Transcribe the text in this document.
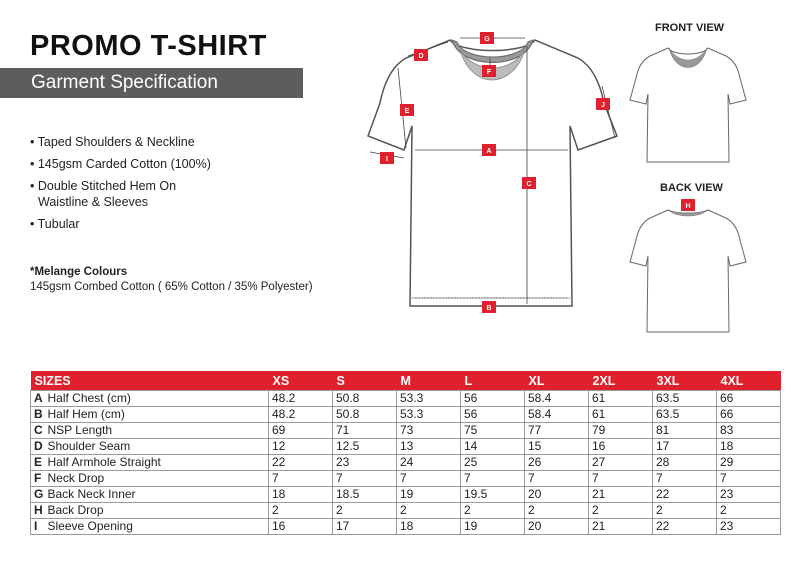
PROMO T-SHIRT
Garment Specification
• Taped Shoulders & Neckline
• 145gsm Carded Cotton (100%)
• Double Stitched Hem On Waistline & Sleeves
• Tubular
*Melange Colours
145gsm Combed Cotton ( 65% Cotton / 35% Polyester)
A
B
C
D
E
F
G
I
J
FRONT VIEW
BACK VIEW
H
SIZES		XS	S	M	L	XL	2XL	3XL	4XL
A	Half Chest (cm)	48.2	50.8	53.3	56	58.4	61	63.5	66
B	Half Hem (cm)	48.2	50.8	53.3	56	58.4	61	63.5	66
C	NSP Length	69	71	73	75	77	79	81	83
D	Shoulder Seam	12	12.5	13	14	15	16	17	18
E	Half Armhole Straight	22	23	24	25	26	27	28	29
F	Neck Drop	7	7	7	7	7	7	7	7
G	Back Neck Inner	18	18.5	19	19.5	20	21	22	23
H	Back Drop	2	2	2	2	2	2	2	2
I	Sleeve Opening	16	17	18	19	20	21	22	23
